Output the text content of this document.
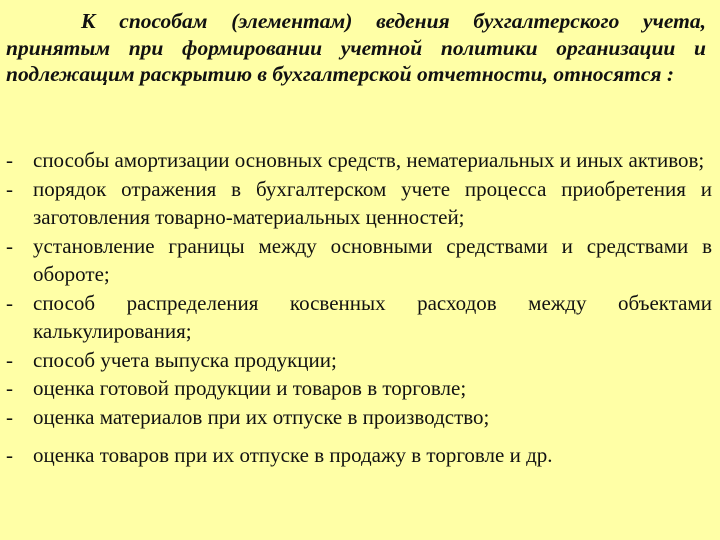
К способам (элементам) ведения бухгалтерского учета, принятым при формировании учетной политики организации и подлежащим раскрытию в бухгалтерской отчетности, относятся :

- способы амортизации основных средств, нематериальных и иных активов;
- порядок отражения в бухгалтерском учете процесса приобретения и заготовления товарно-материальных ценностей;
- установление границы между основными средствами и средствами в обороте;
- способ распределения косвенных расходов между объектами калькулирования;
- способ учета выпуска продукции;
- оценка готовой продукции и товаров в торговле;
- оценка материалов при их отпуске в производство;
- оценка товаров при их отпуске в продажу в торговле и др.
